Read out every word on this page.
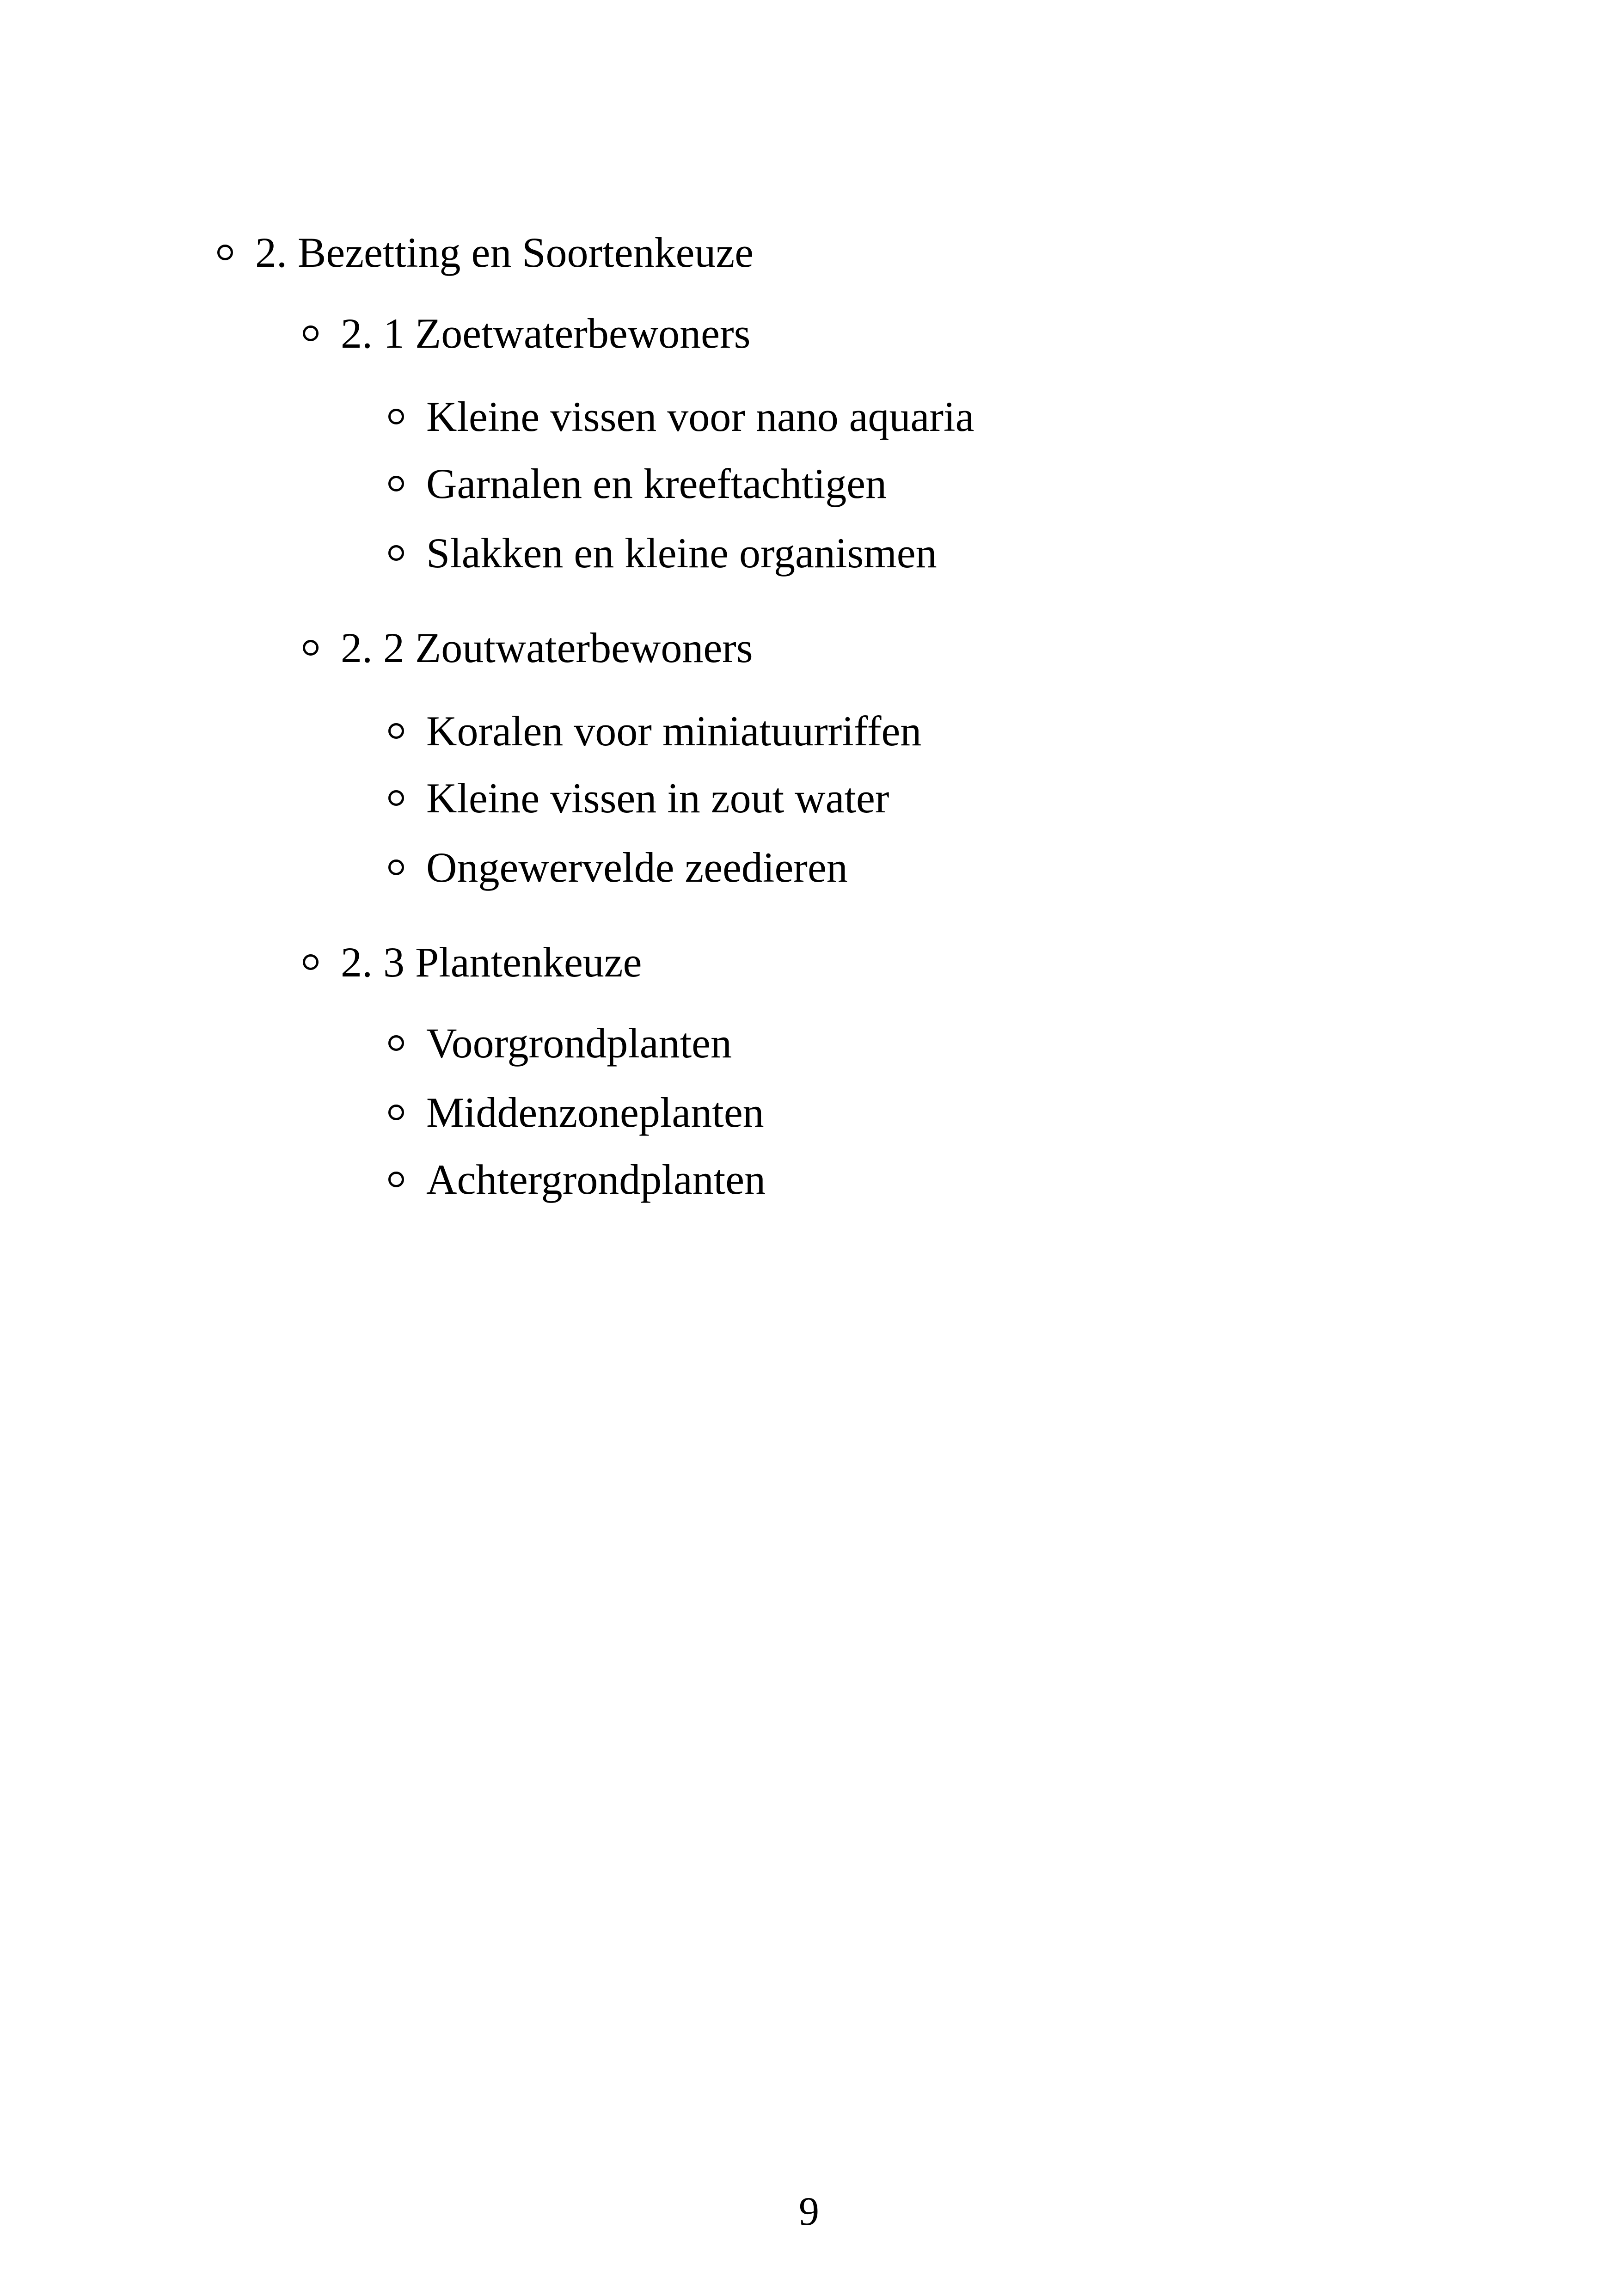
2. Bezetting en Soortenkeuze
2. 1 Zoetwaterbewoners
Kleine vissen voor nano aquaria
Garnalen en kreeftachtigen
Slakken en kleine organismen
2. 2 Zoutwaterbewoners
Koralen voor miniatuurriffen
Kleine vissen in zout water
Ongewervelde zeedieren
2. 3 Plantenkeuze
Voorgrondplanten
Middenzoneplanten
Achtergrondplanten
9
